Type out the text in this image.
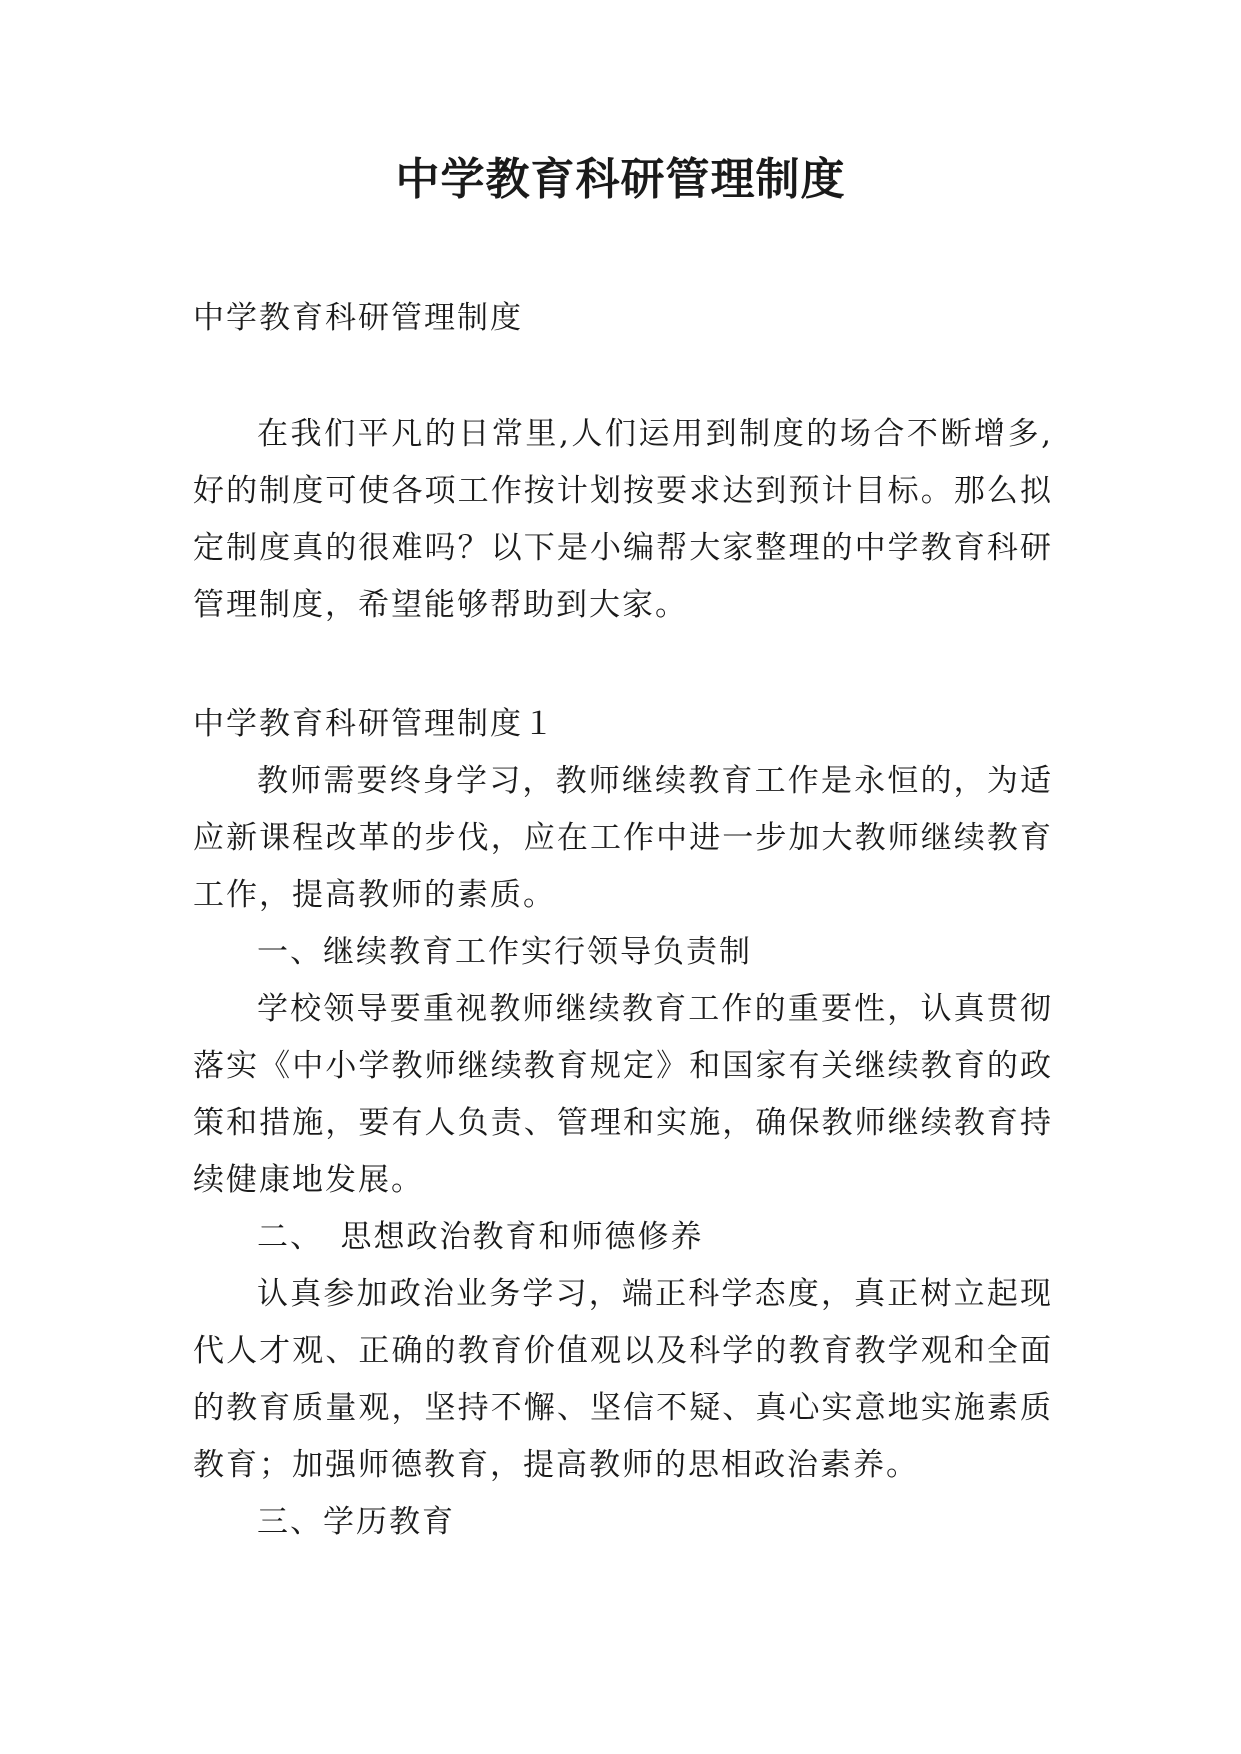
中学教育科研管理制度

中学教育科研管理制度

在我们平凡的日常里,人们运用到制度的场合不断增多,好的制度可使各项工作按计划按要求达到预计目标。那么拟定制度真的很难吗？以下是小编帮大家整理的中学教育科研管理制度，希望能够帮助到大家。

中学教育科研管理制度１

教师需要终身学习，教师继续教育工作是永恒的，为适应新课程改革的步伐，应在工作中进一步加大教师继续教育工作，提高教师的素质。

一、继续教育工作实行领导负责制

学校领导要重视教师继续教育工作的重要性，认真贯彻落实《中小学教师继续教育规定》和国家有关继续教育的政策和措施，要有人负责、管理和实施，确保教师继续教育持续健康地发展。

二、　思想政治教育和师德修养

认真参加政治业务学习，端正科学态度，真正树立起现代人才观、正确的教育价值观以及科学的教育教学观和全面的教育质量观，坚持不懈、坚信不疑、真心实意地实施素质教育；加强师德教育，提高教师的思相政治素养。

三、学历教育
